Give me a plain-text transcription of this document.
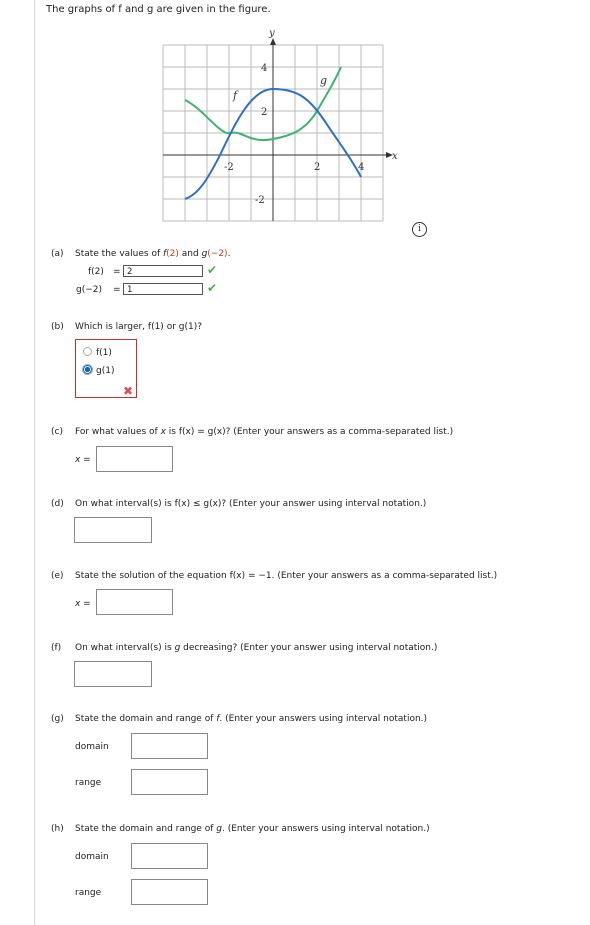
The graphs of f and g are given in the figure.
y
x
-2	2	4
4
2
-2
f
g
i
(a) State the values of f(2) and g(−2).
f(2) = 2	✔
g(−2) = 1	✔
(b) Which is larger, f(1) or g(1)?
f(1)
g(1)
✖
(c) For what values of x is f(x) = g(x)? (Enter your answers as a comma-separated list.)
x =
(d) On what interval(s) is f(x) ≤ g(x)? (Enter your answer using interval notation.)
(e) State the solution of the equation f(x) = −1. (Enter your answers as a comma-separated list.)
x =
(f) On what interval(s) is g decreasing? (Enter your answer using interval notation.)
(g) State the domain and range of f. (Enter your answers using interval notation.)
domain
range
(h) State the domain and range of g. (Enter your answers using interval notation.)
domain
range
